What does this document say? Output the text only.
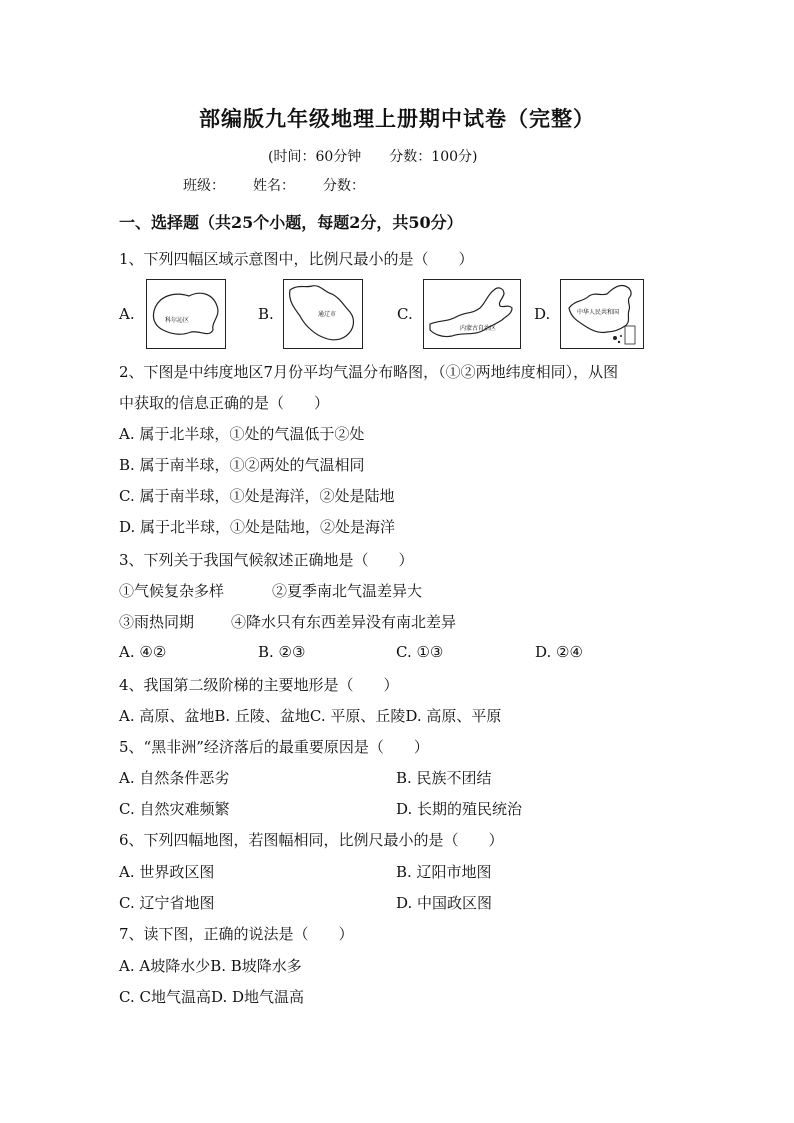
部编版九年级地理上册期中试卷（完整）
(时间：60分钟 分数：100分)
班级： 姓名： 分数：
一、选择题（共25个小题，每题2分，共50分）
1、下列四幅区域示意图中，比例尺最小的是（　　）
A.	科尔沁区	B.	通辽市	C.
内蒙古自治区
D.	中华人民共和国
2、下图是中纬度地区7月份平均气温分布略图，（①②两地纬度相同），从图
中获取的信息正确的是（　　）
A. 属于北半球，①处的气温低于②处
B. 属于南半球，①②两处的气温相同
C. 属于南半球，①处是海洋，②处是陆地
D. 属于北半球，①处是陆地，②处是海洋
3、下列关于我国气候叙述正确地是（　　）
①气候复杂多样	②夏季南北气温差异大
③雨热同期 ④降水只有东西差异没有南北差异
A. ④②	B. ②③	C. ①③	D. ②④
4、我国第二级阶梯的主要地形是（　　）
A. 高原、盆地B. 丘陵、盆地C. 平原、丘陵D. 高原、平原
5、“黑非洲”经济落后的最重要原因是（　　）
A. 自然条件恶劣	B. 民族不团结
C. 自然灾难频繁	D. 长期的殖民统治
6、下列四幅地图，若图幅相同，比例尺最小的是（　　）
A. 世界政区图	B. 辽阳市地图
C. 辽宁省地图	D. 中国政区图
7、读下图，正确的说法是（　　）
A. A坡降水少B. B坡降水多
C. C地气温高D. D地气温高
